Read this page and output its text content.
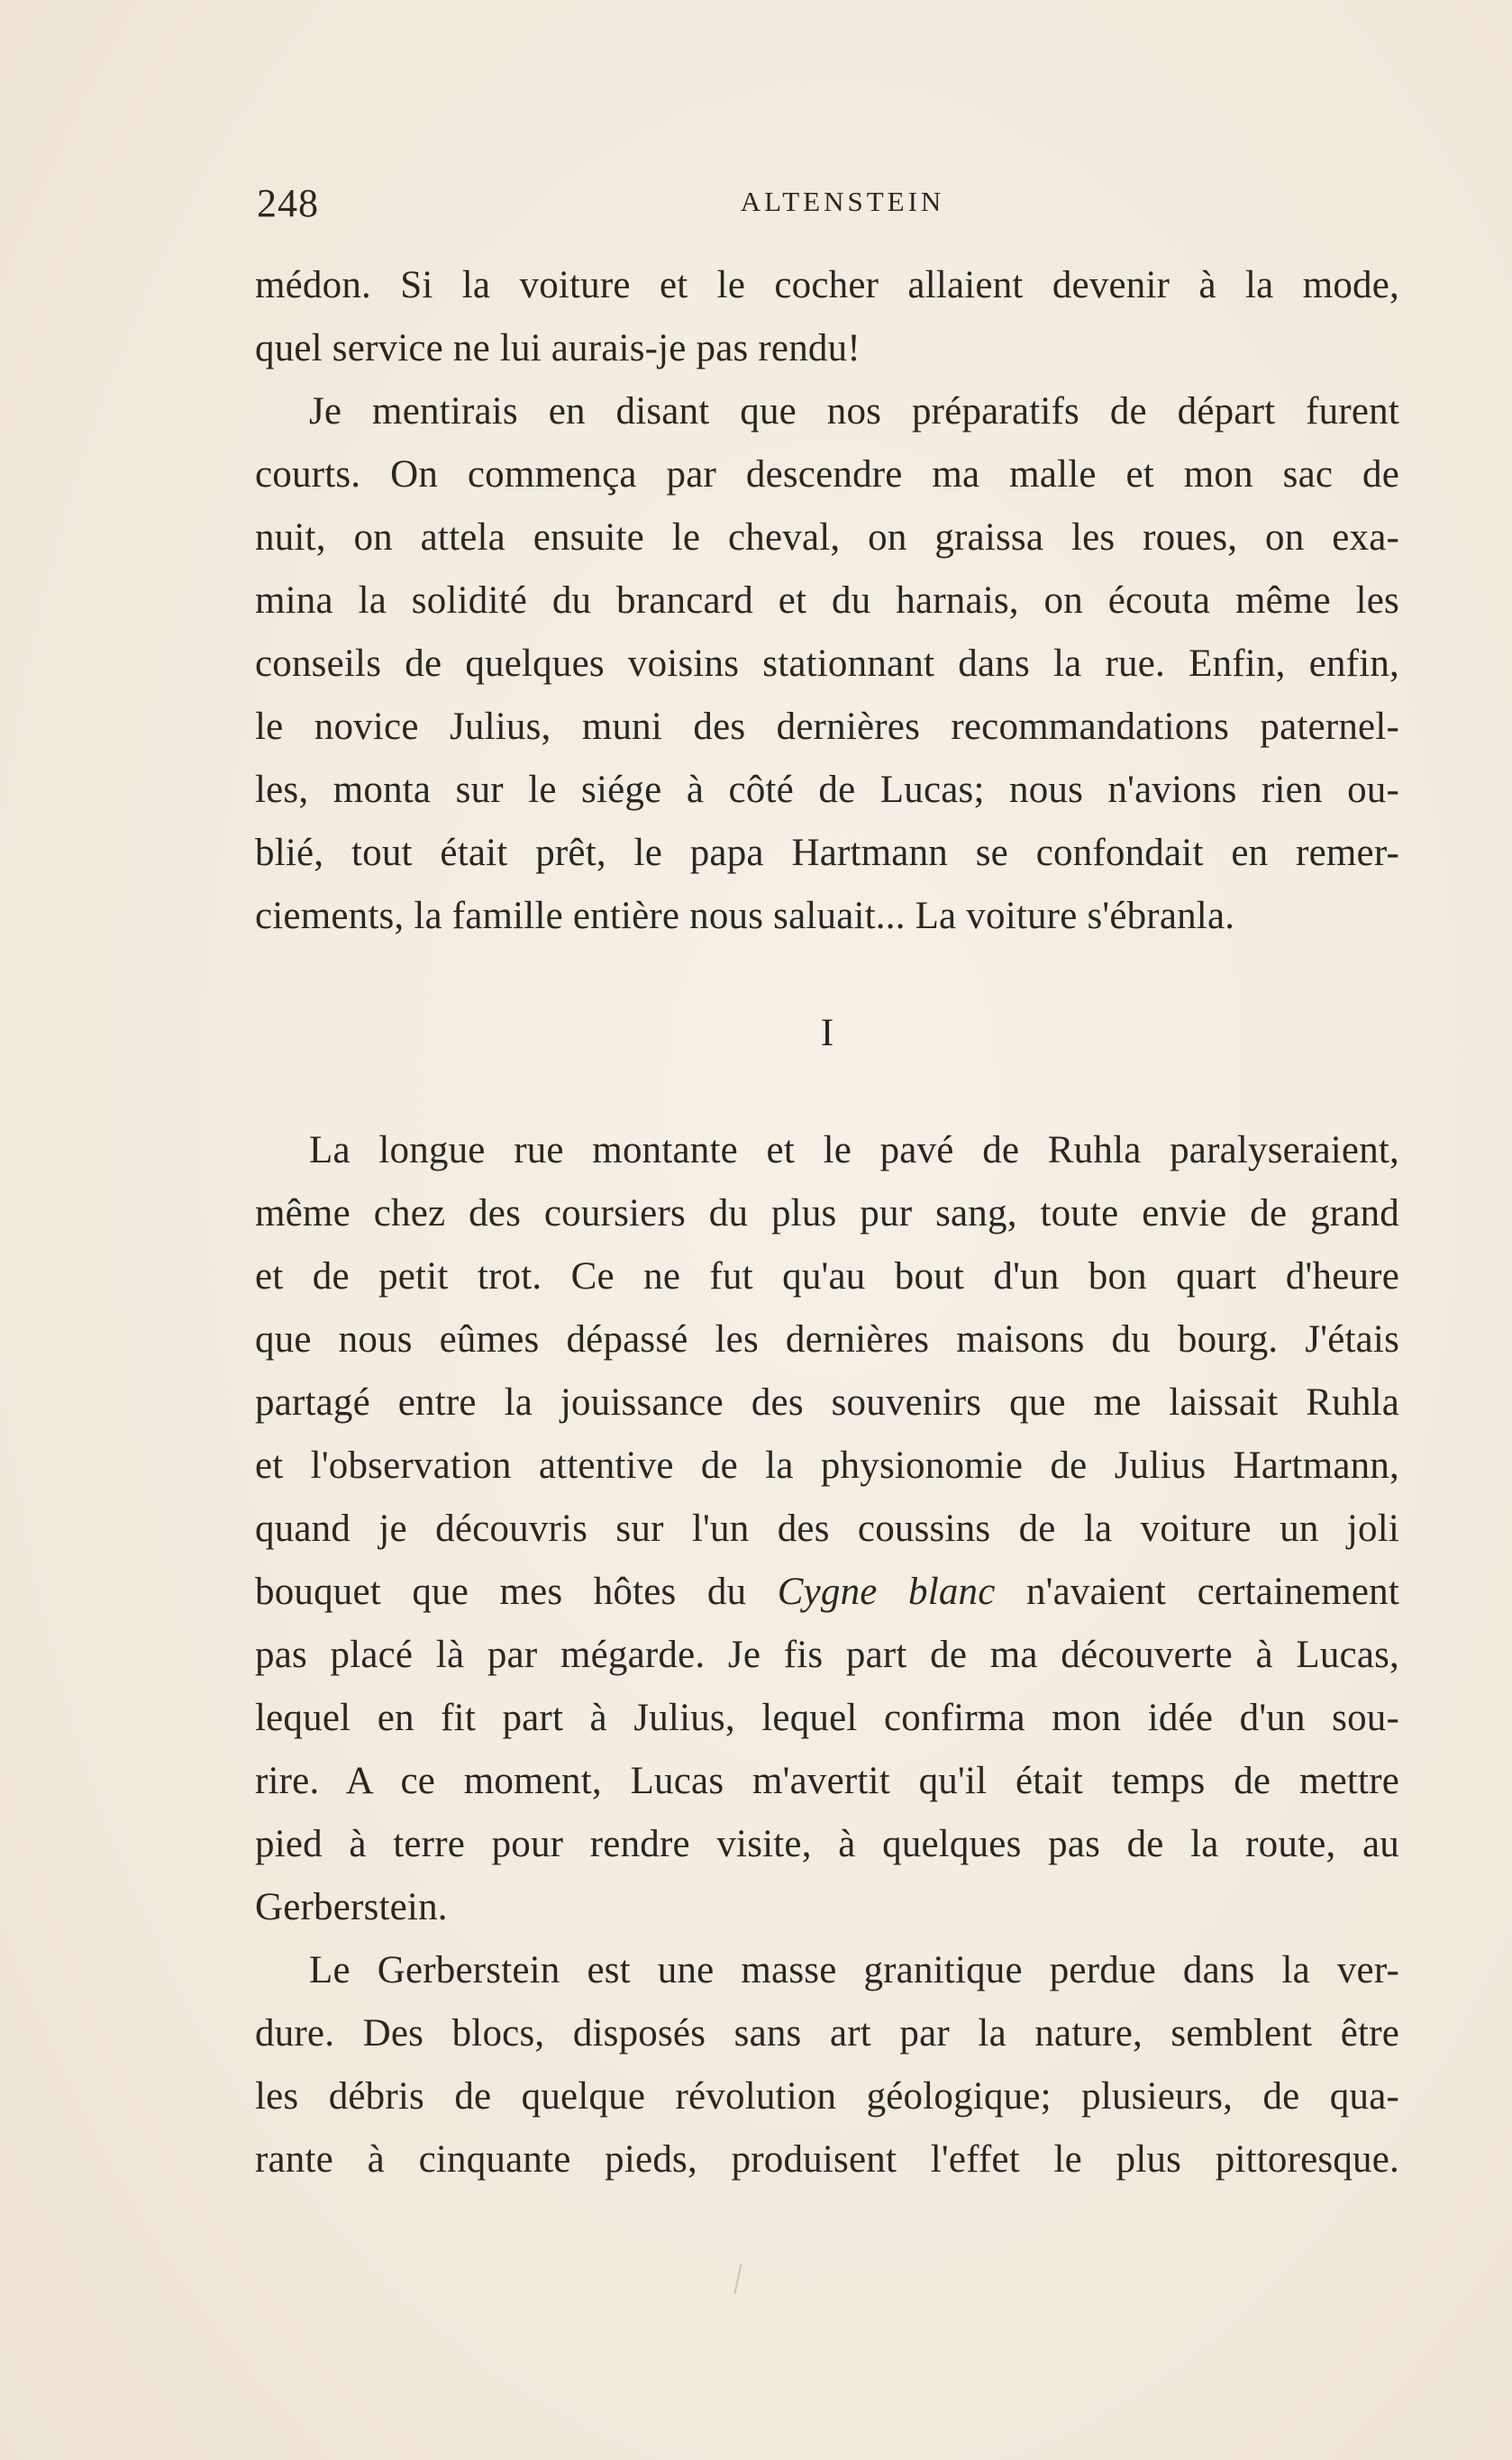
248	ALTENSTEIN
médon. Si la voiture et le cocher allaient devenir à la mode,
quel service ne lui aurais-je pas rendu!
Je mentirais en disant que nos préparatifs de départ furent
courts. On commença par descendre ma malle et mon sac de
nuit, on attela ensuite le cheval, on graissa les roues, on exa-
mina la solidité du brancard et du harnais, on écouta même les
conseils de quelques voisins stationnant dans la rue. Enfin, enfin,
le novice Julius, muni des dernières recommandations paternel-
les, monta sur le siége à côté de Lucas; nous n'avions rien ou-
blié, tout était prêt, le papa Hartmann se confondait en remer-
ciements, la famille entière nous saluait... La voiture s'ébranla.
I
La longue rue montante et le pavé de Ruhla paralyseraient,
même chez des coursiers du plus pur sang, toute envie de grand
et de petit trot. Ce ne fut qu'au bout d'un bon quart d'heure
que nous eûmes dépassé les dernières maisons du bourg. J'étais
partagé entre la jouissance des souvenirs que me laissait Ruhla
et l'observation attentive de la physionomie de Julius Hartmann,
quand je découvris sur l'un des coussins de la voiture un joli
bouquet que mes hôtes du Cygne blanc n'avaient certainement
pas placé là par mégarde. Je fis part de ma découverte à Lucas,
lequel en fit part à Julius, lequel confirma mon idée d'un sou-
rire. A ce moment, Lucas m'avertit qu'il était temps de mettre
pied à terre pour rendre visite, à quelques pas de la route, au
Gerberstein.
Le Gerberstein est une masse granitique perdue dans la ver-
dure. Des blocs, disposés sans art par la nature, semblent être
les débris de quelque révolution géologique; plusieurs, de qua-
rante à cinquante pieds, produisent l'effet le plus pittoresque.
